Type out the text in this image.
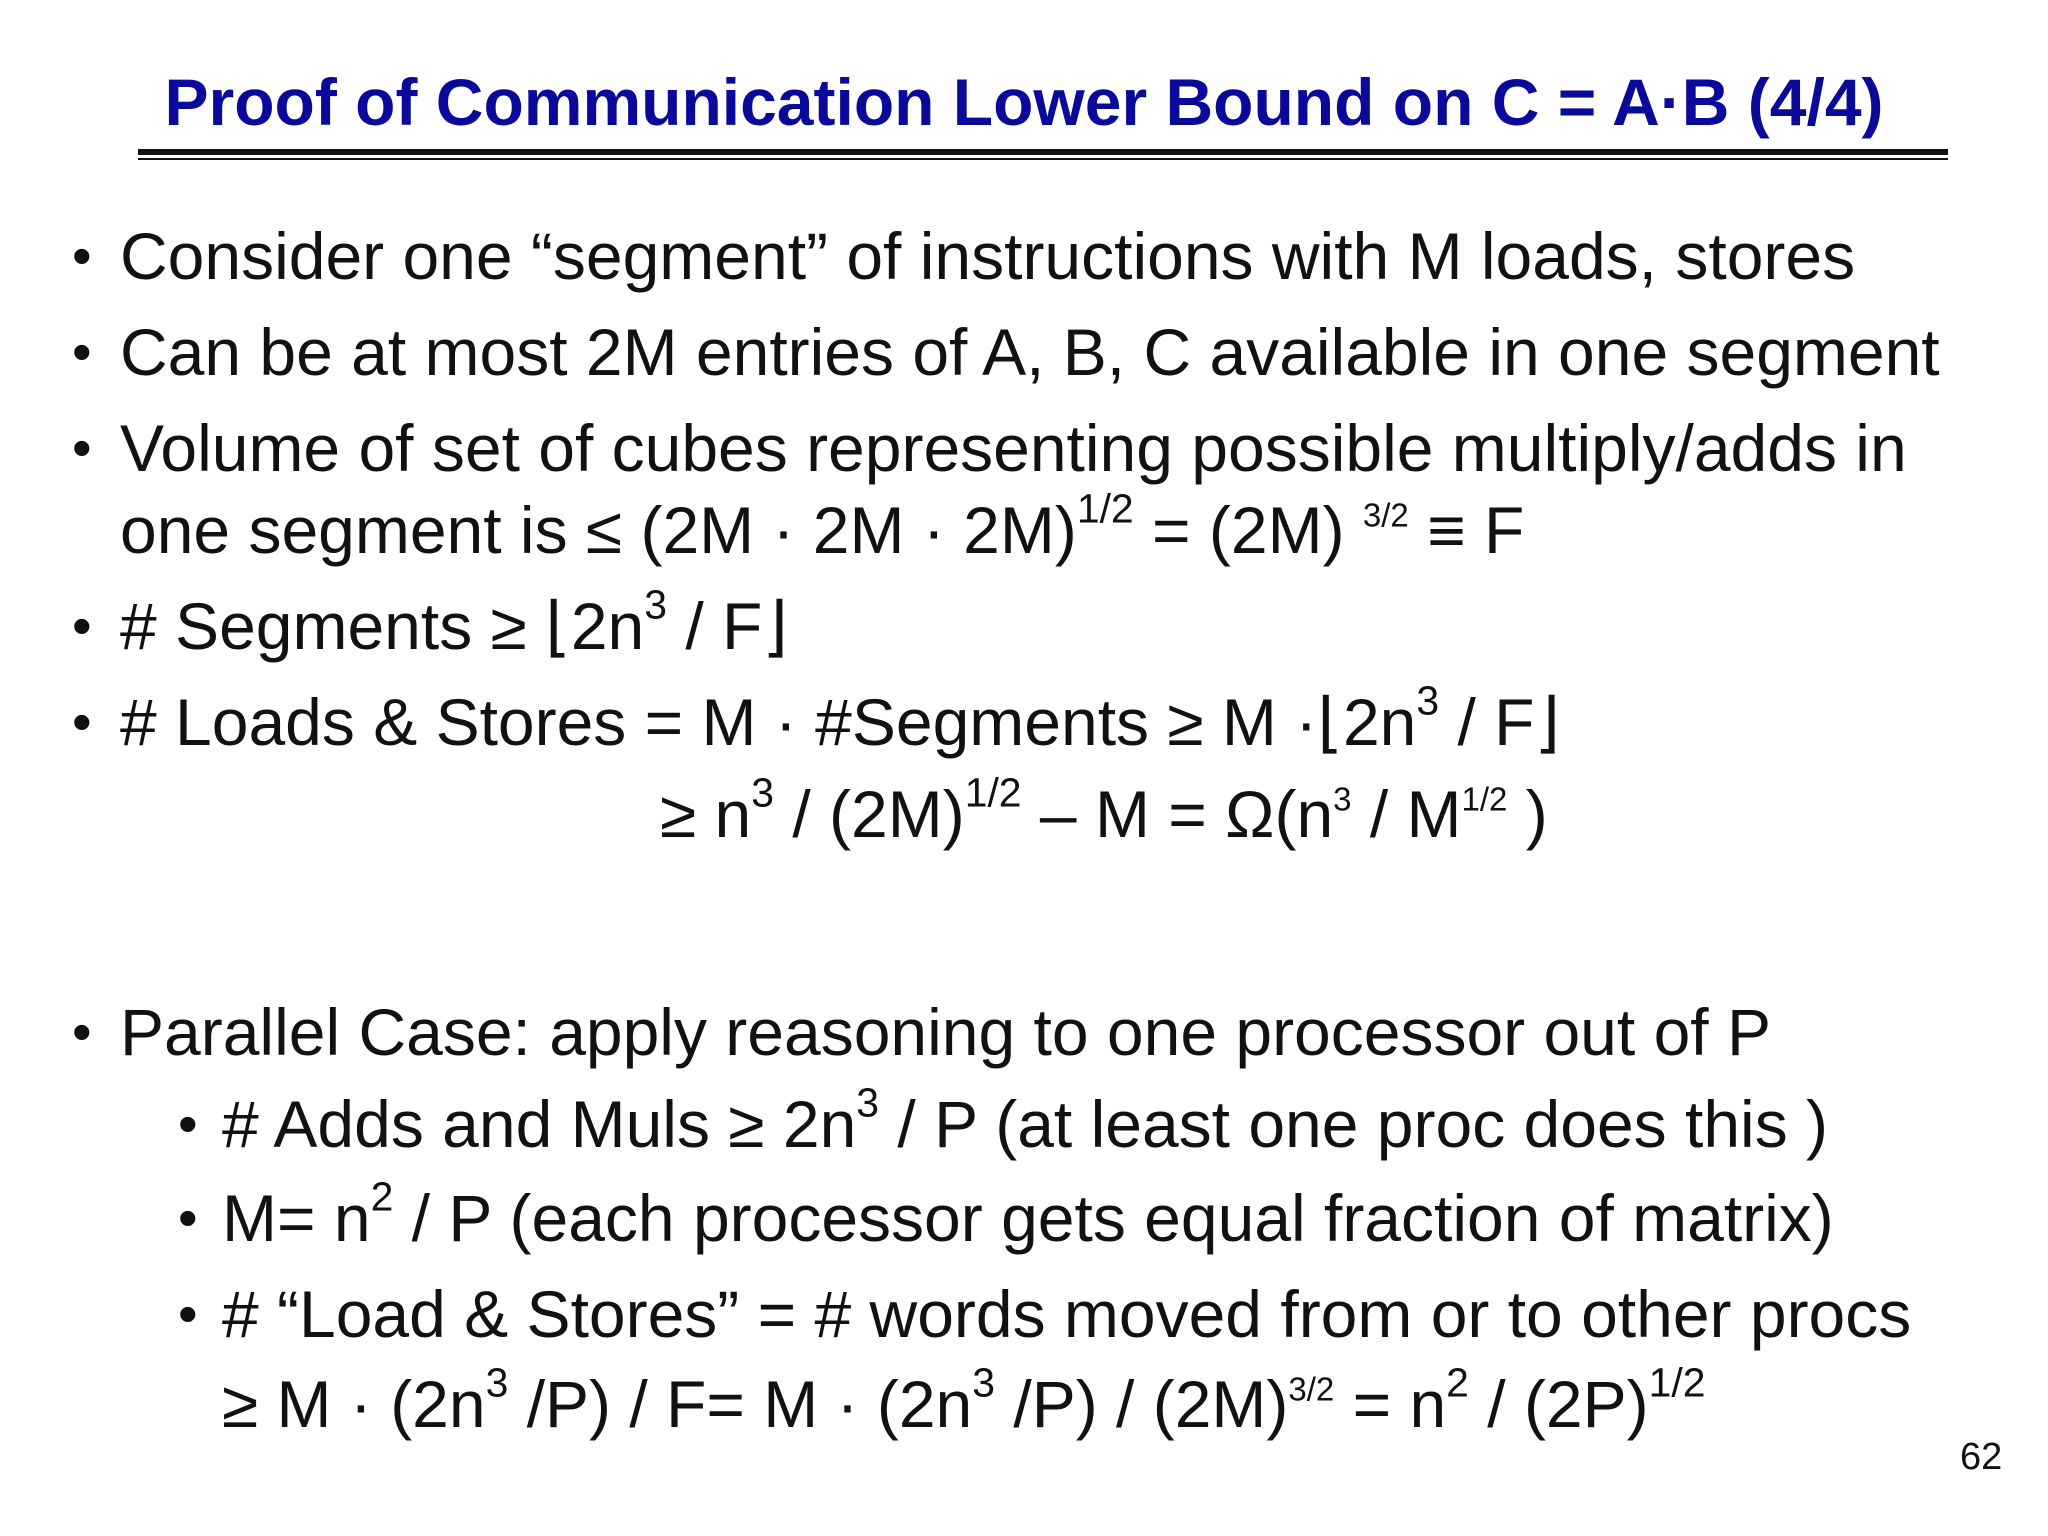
Proof of Communication Lower Bound on C = A·B (4/4)
• Consider one “segment” of instructions with M loads, stores
• Can be at most 2M entries of A, B, C available in one segment
• Volume of set of cubes representing possible multiply/adds in
one segment is ≤ $(2M \cdot 2M \cdot 2M)^{1/2} = (2M)$ $^{3/2}$ ≡ F
• # Segments ≥ $⌊2n^3$ / F⌋
• # Loads & Stores = M · #Segments ≥ $M \cdot⌊2n^3$ / F⌋
≥ $n^3 / (2M)^{1/2} - M = \Omega(n^3 / M^{1/2}$ )
• Parallel Case: apply reasoning to one processor out of P
• # Adds and Muls ≥ $2n^3$ / P (at least one proc does this )
• $M= n^2 / P$ (each processor gets equal fraction of matrix)
• # “Load & Stores” = # words moved from or to other procs
≥ $M \cdot (2n^3$ $/P) / F= M \cdot (2n^3$ $/P) / (2M)^{3/2} = n^2 / (2P)^{1/2}$
62
